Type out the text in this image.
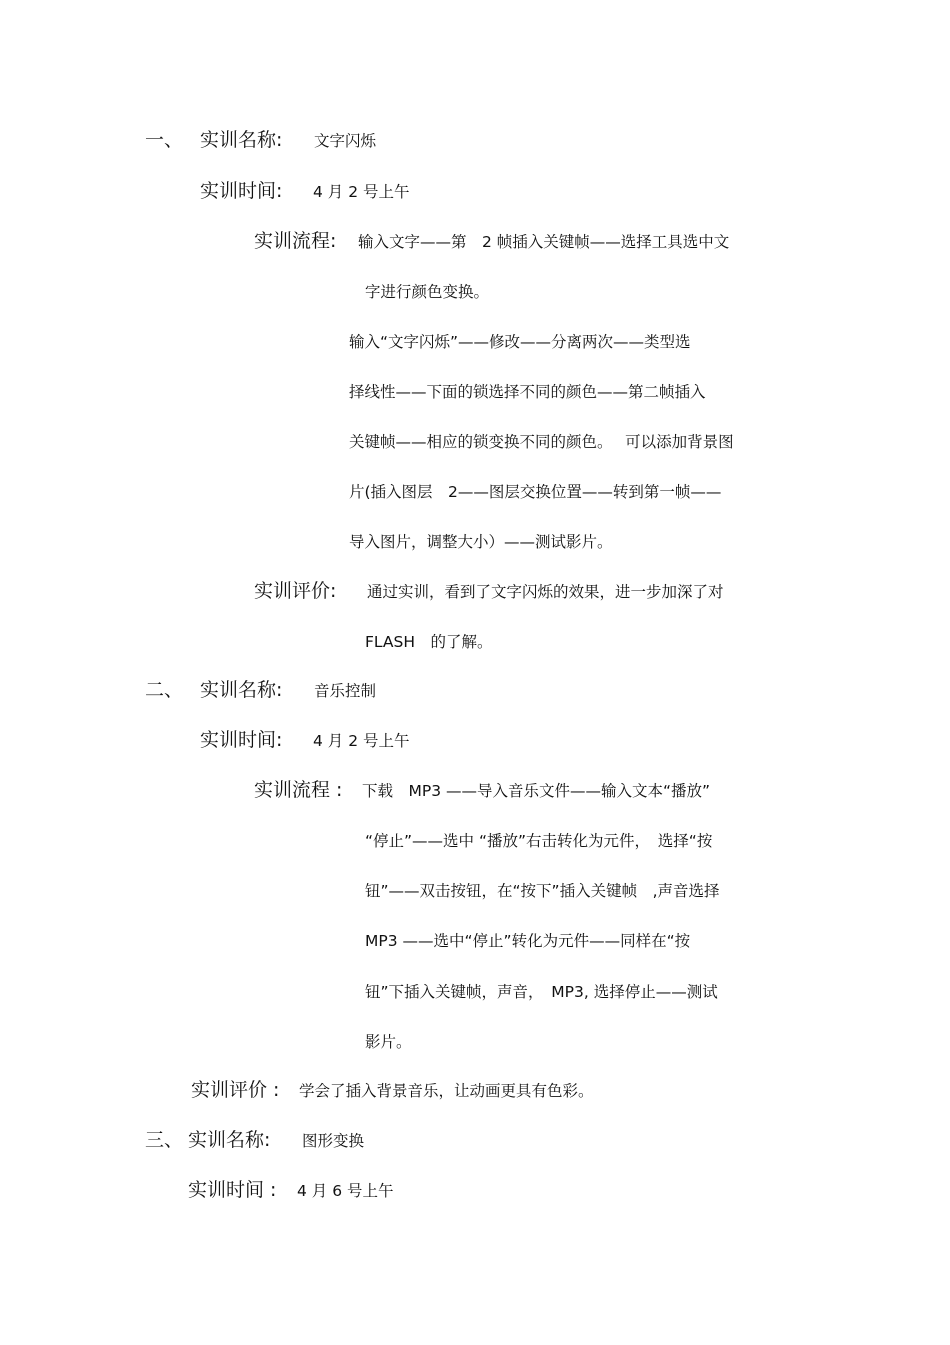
一、 实训名称: 文字闪烁
实训时间: 4 月 2 号上午
实训流程: 输入文字——第　2 帧插入关键帧——选择工具选中文
字进行颜色变换。
输入“文字闪烁”——修改——分离两次——类型选
择线性——下面的锁选择不同的颜色——第二帧插入
关键帧——相应的锁变换不同的颜色。　 可以添加背景图
片(插入图层　2——图层交换位置——转到第一帧——
导入图片，调整大小）——测试影片。
实训评价: 通过实训，看到了文字闪烁的效果，进一步加深了对
FLASH　的了解。
二、 实训名称: 音乐控制
实训时间: 4 月 2 号上午
实训流程 : 下载　MP3 ——导入音乐文件——输入文本“播放”
“停止”——选中 “播放”右击转化为元件，　选择“按
钮”——双击按钮，在“按下”插入关键帧　,声音选择
MP3 ——选中“停止”转化为元件——同样在“按
钮”下插入关键帧，声音，　MP3, 选择停止——测试
影片。
实训评价 : 学会了插入背景音乐，让动画更具有色彩。
三、 实训名称: 图形变换
实训时间 : 4 月 6 号上午
